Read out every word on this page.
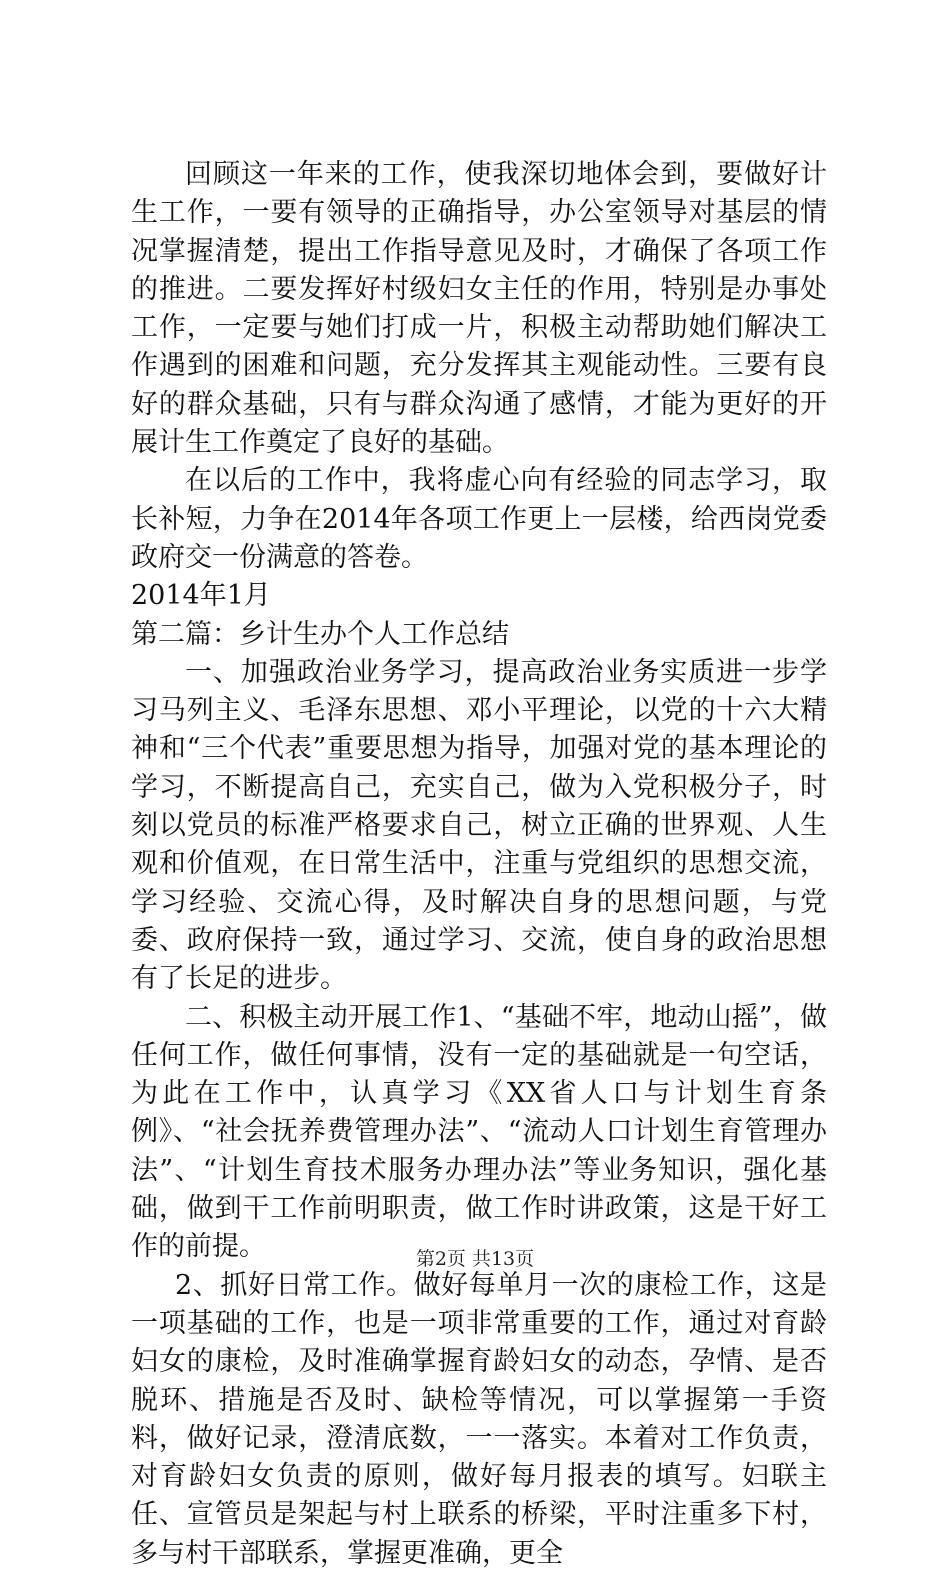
回顾这一年来的工作，使我深切地体会到，要做好计生工作，一要有领导的正确指导，办公室领导对基层的情况掌握清楚，提出工作指导意见及时，才确保了各项工作的推进。二要发挥好村级妇女主任的作用，特别是办事处工作，一定要与她们打成一片，积极主动帮助她们解决工作遇到的困难和问题，充分发挥其主观能动性。三要有良好的群众基础，只有与群众沟通了感情，才能为更好的开展计生工作奠定了良好的基础。

在以后的工作中，我将虚心向有经验的同志学习，取长补短，力争在2014年各项工作更上一层楼，给西岗党委政府交一份满意的答卷。

2014年1月

第二篇：乡计生办个人工作总结

一、加强政治业务学习，提高政治业务实质进一步学习马列主义、毛泽东思想、邓小平理论，以党的十六大精神和“三个代表”重要思想为指导，加强对党的基本理论的学习，不断提高自己，充实自己，做为入党积极分子，时刻以党员的标准严格要求自己，树立正确的世界观、人生观和价值观，在日常生活中，注重与党组织的思想交流，学习经验、交流心得，及时解决自身的思想问题，与党委、政府保持一致，通过学习、交流，使自身的政治思想有了长足的进步。

二、积极主动开展工作1、“基础不牢，地动山摇”，做任何工作，做任何事情，没有一定的基础就是一句空话，为此在工作中，认真学习《XX省人口与计划生育条例》、“社会抚养费管理办法”、“流动人口计划生育管理办法”、“计划生育技术服务办理办法”等业务知识，强化基础，做到干工作前明职责，做工作时讲政策，这是干好工作的前提。

2、抓好日常工作。做好每单月一次的康检工作，这是一项基础的工作，也是一项非常重要的工作，通过对育龄妇女的康检，及时准确掌握育龄妇女的动态，孕情、是否脱环、措施是否及时、缺检等情况，可以掌握第一手资料，做好记录，澄清底数，一一落实。本着对工作负责，对育龄妇女负责的原则，做好每月报表的填写。妇联主任、宣管员是架起与村上联系的桥梁，平时注重多下村，多与村干部联系，掌握更准确，更全

第2页 共13页
